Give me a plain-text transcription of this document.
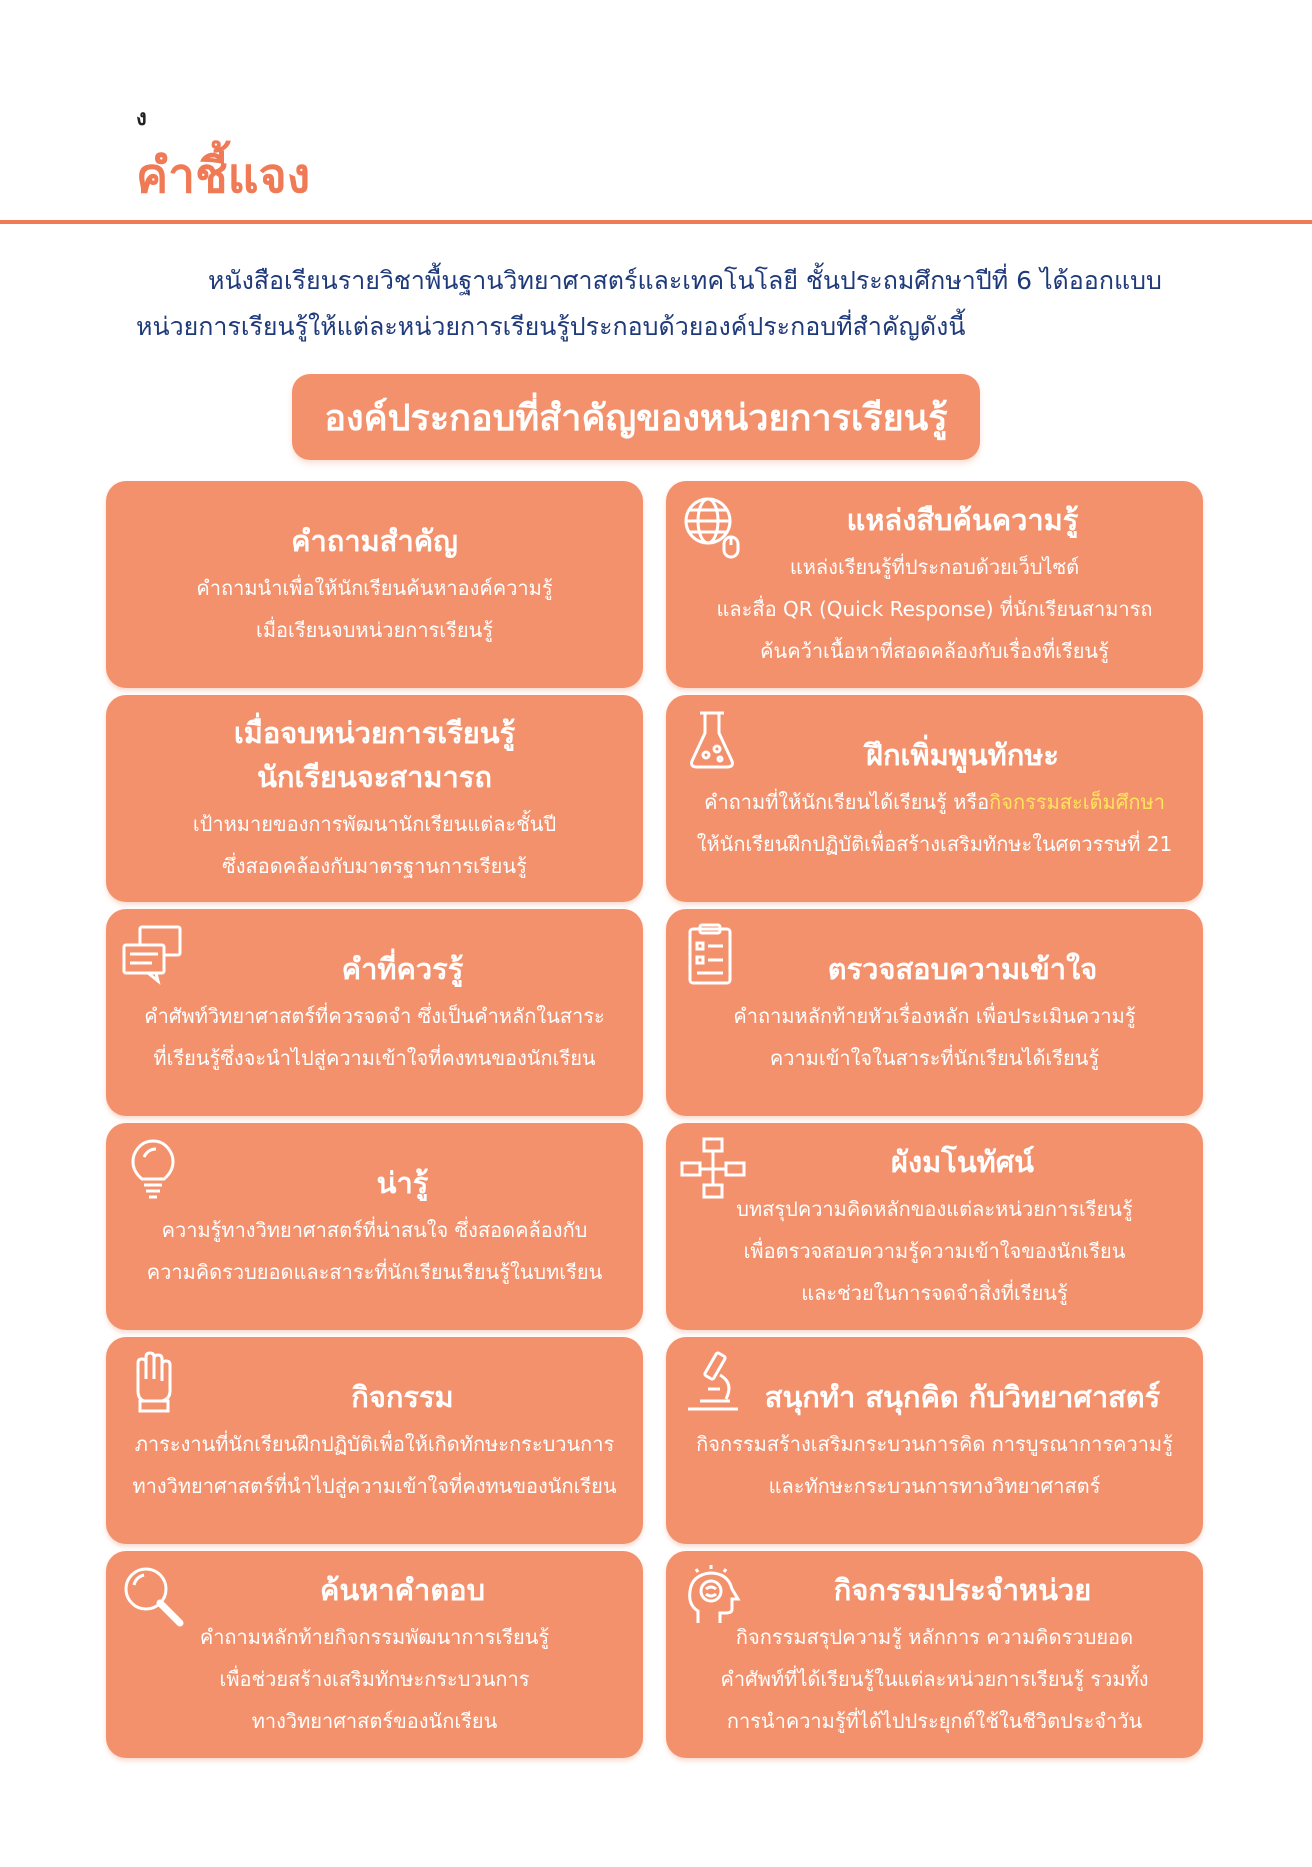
ง
คำชี้แจง

หนังสือเรียนรายวิชาพื้นฐานวิทยาศาสตร์และเทคโนโลยี ชั้นประถมศึกษาปีที่ 6 ได้ออกแบบหน่วยการเรียนรู้ให้แต่ละหน่วยการเรียนรู้ประกอบด้วยองค์ประกอบที่สำคัญดังนี้

องค์ประกอบที่สำคัญของหน่วยการเรียนรู้
คำถามสำคัญ
คำถามนำเพื่อให้นักเรียนค้นหาองค์ความรู้
เมื่อเรียนจบหน่วยการเรียนรู้
แหล่งสืบค้นความรู้
แหล่งเรียนรู้ที่ประกอบด้วยเว็บไซต์
และสื่อ QR (Quick Response) ที่นักเรียนสามารถ
ค้นคว้าเนื้อหาที่สอดคล้องกับเรื่องที่เรียนรู้
เมื่อจบหน่วยการเรียนรู้
นักเรียนจะสามารถ
เป้าหมายของการพัฒนานักเรียนแต่ละชั้นปี
ซึ่งสอดคล้องกับมาตรฐานการเรียนรู้
ฝึกเพิ่มพูนทักษะ
คำถามที่ให้นักเรียนได้เรียนรู้ หรือกิจกรรมสะเต็มศึกษา
ให้นักเรียนฝึกปฏิบัติเพื่อสร้างเสริมทักษะในศตวรรษที่ 21
คำที่ควรรู้
คำศัพท์วิทยาศาสตร์ที่ควรจดจำ ซึ่งเป็นคำหลักในสาระ
ที่เรียนรู้ซึ่งจะนำไปสู่ความเข้าใจที่คงทนของนักเรียน
ตรวจสอบความเข้าใจ
คำถามหลักท้ายหัวเรื่องหลัก เพื่อประเมินความรู้
ความเข้าใจในสาระที่นักเรียนได้เรียนรู้
น่ารู้
ความรู้ทางวิทยาศาสตร์ที่น่าสนใจ ซึ่งสอดคล้องกับ
ความคิดรวบยอดและสาระที่นักเรียนเรียนรู้ในบทเรียน
ผังมโนทัศน์
บทสรุปความคิดหลักของแต่ละหน่วยการเรียนรู้
เพื่อตรวจสอบความรู้ความเข้าใจของนักเรียน
และช่วยในการจดจำสิ่งที่เรียนรู้
กิจกรรม
ภาระงานที่นักเรียนฝึกปฏิบัติเพื่อให้เกิดทักษะกระบวนการ
ทางวิทยาศาสตร์ที่นำไปสู่ความเข้าใจที่คงทนของนักเรียน
สนุกทำ สนุกคิด กับวิทยาศาสตร์
กิจกรรมสร้างเสริมกระบวนการคิด การบูรณาการความรู้
และทักษะกระบวนการทางวิทยาศาสตร์
ค้นหาคำตอบ
คำถามหลักท้ายกิจกรรมพัฒนาการเรียนรู้
เพื่อช่วยสร้างเสริมทักษะกระบวนการ
ทางวิทยาศาสตร์ของนักเรียน
กิจกรรมประจำหน่วย
กิจกรรมสรุปความรู้ หลักการ ความคิดรวบยอด
คำศัพท์ที่ได้เรียนรู้ในแต่ละหน่วยการเรียนรู้ รวมทั้ง
การนำความรู้ที่ได้ไปประยุกต์ใช้ในชีวิตประจำวัน
